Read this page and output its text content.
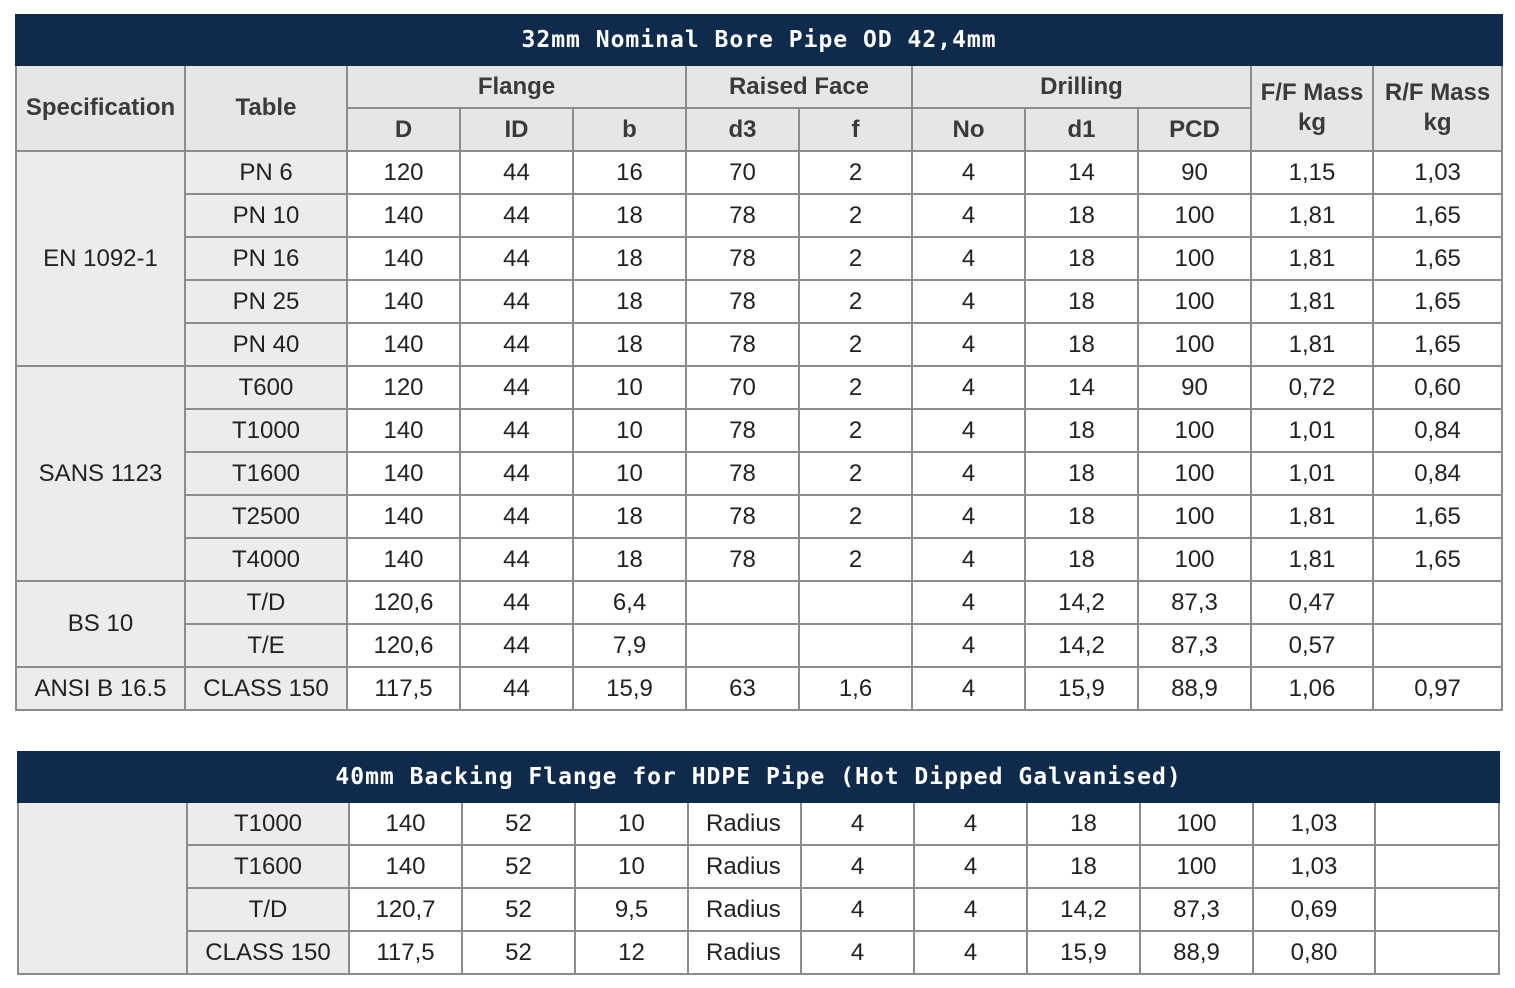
32mm Nominal Bore Pipe OD 42,4mm											
Specification	Table	Flange			Raised Face		Drilling			F/F Mass kg	R/F Mass kg
		D	ID	b	d3	f	No	d1	PCD		
EN 1092-1	PN 6	120	44	16	70	2	4	14	90	1,15	1,03
	PN 10	140	44	18	78	2	4	18	100	1,81	1,65
	PN 16	140	44	18	78	2	4	18	100	1,81	1,65
	PN 25	140	44	18	78	2	4	18	100	1,81	1,65
	PN 40	140	44	18	78	2	4	18	100	1,81	1,65
SANS 1123	T600	120	44	10	70	2	4	14	90	0,72	0,60
	T1000	140	44	10	78	2	4	18	100	1,01	0,84
	T1600	140	44	10	78	2	4	18	100	1,01	0,84
	T2500	140	44	18	78	2	4	18	100	1,81	1,65
	T4000	140	44	18	78	2	4	18	100	1,81	1,65
BS 10	T/D	120,6	44	6,4			4	14,2	87,3	0,47	
	T/E	120,6	44	7,9			4	14,2	87,3	0,57	
ANSI B 16.5	CLASS 150	117,5	44	15,9	63	1,6	4	15,9	88,9	1,06	0,97
40mm Backing Flange for HDPE Pipe (Hot Dipped Galvanised)											
	T1000	140	52	10	Radius	4	4	18	100	1,03	
	T1600	140	52	10	Radius	4	4	18	100	1,03	
	T/D	120,7	52	9,5	Radius	4	4	14,2	87,3	0,69	
	CLASS 150	117,5	52	12	Radius	4	4	15,9	88,9	0,80	
